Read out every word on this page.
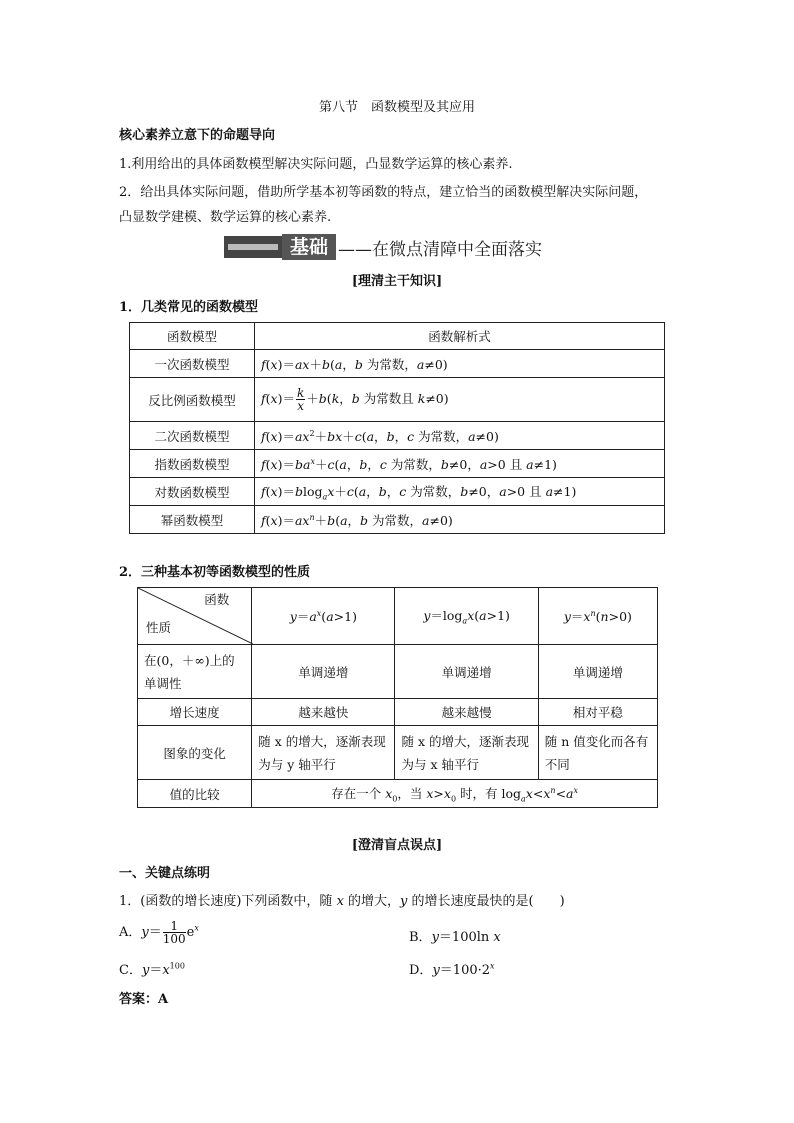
第八节　函数模型及其应用
核心素养立意下的命题导向
1.利用给出的具体函数模型解决实际问题，凸显数学运算的核心素养.
2．给出具体实际问题，借助所学基本初等函数的特点，建立恰当的函数模型解决实际问题，
凸显数学建模、数学运算的核心素养.
基础 ——在微点清障中全面落实
[理清主干知识]
1．几类常见的函数模型
函数模型	函数解析式
一次函数模型	f(x)＝ax＋b(a，b 为常数，a≠0)
反比例函数模型	$f(x)= \frac{k}{x} +b(k$，b 为常数且 k≠0)
二次函数模型	$f(x)=ax^2+bx+c(a$，b，c 为常数，a≠0)
指数函数模型	$f(x)=ba^x+c(a$，b，c 为常数，b≠0，a>0 且 a≠1)
对数函数模型	f(x)＝blog$_a$x＋c(a，b，c 为常数，b≠0，a>0 且 a≠1)
幂函数模型	$f(x)=ax^n+b(a$，b 为常数，a≠0)
2．三种基本初等函数模型的性质
函数
性质	$y=a^x(a>1)$	$y=\log_ax(a>1)$	$y=x^n(n>0)$
在(0，＋∞)上的单调性	单调递增	单调递增	单调递增
增长速度	越来越快	越来越慢	相对平稳
图象的变化	随 x 的增大，逐渐表现为与 y 轴平行	随 x 的增大，逐渐表现为与 x 轴平行	随 n 值变化而各有不同
值的比较	存在一个 $x_0$，当 $x>x_0$ 时，有 $\log_ax<x^n<a^x$
[澄清盲点误点]
一、关键点练明
1．(函数的增长速度)下列函数中，随 x 的增大，y 的增长速度最快的是(　　)
A．$y= \frac{1}{100} e^x$
B．y＝100ln x
C．$y=x^{100}$	D．$y=100\cdot 2^x$
答案：A
